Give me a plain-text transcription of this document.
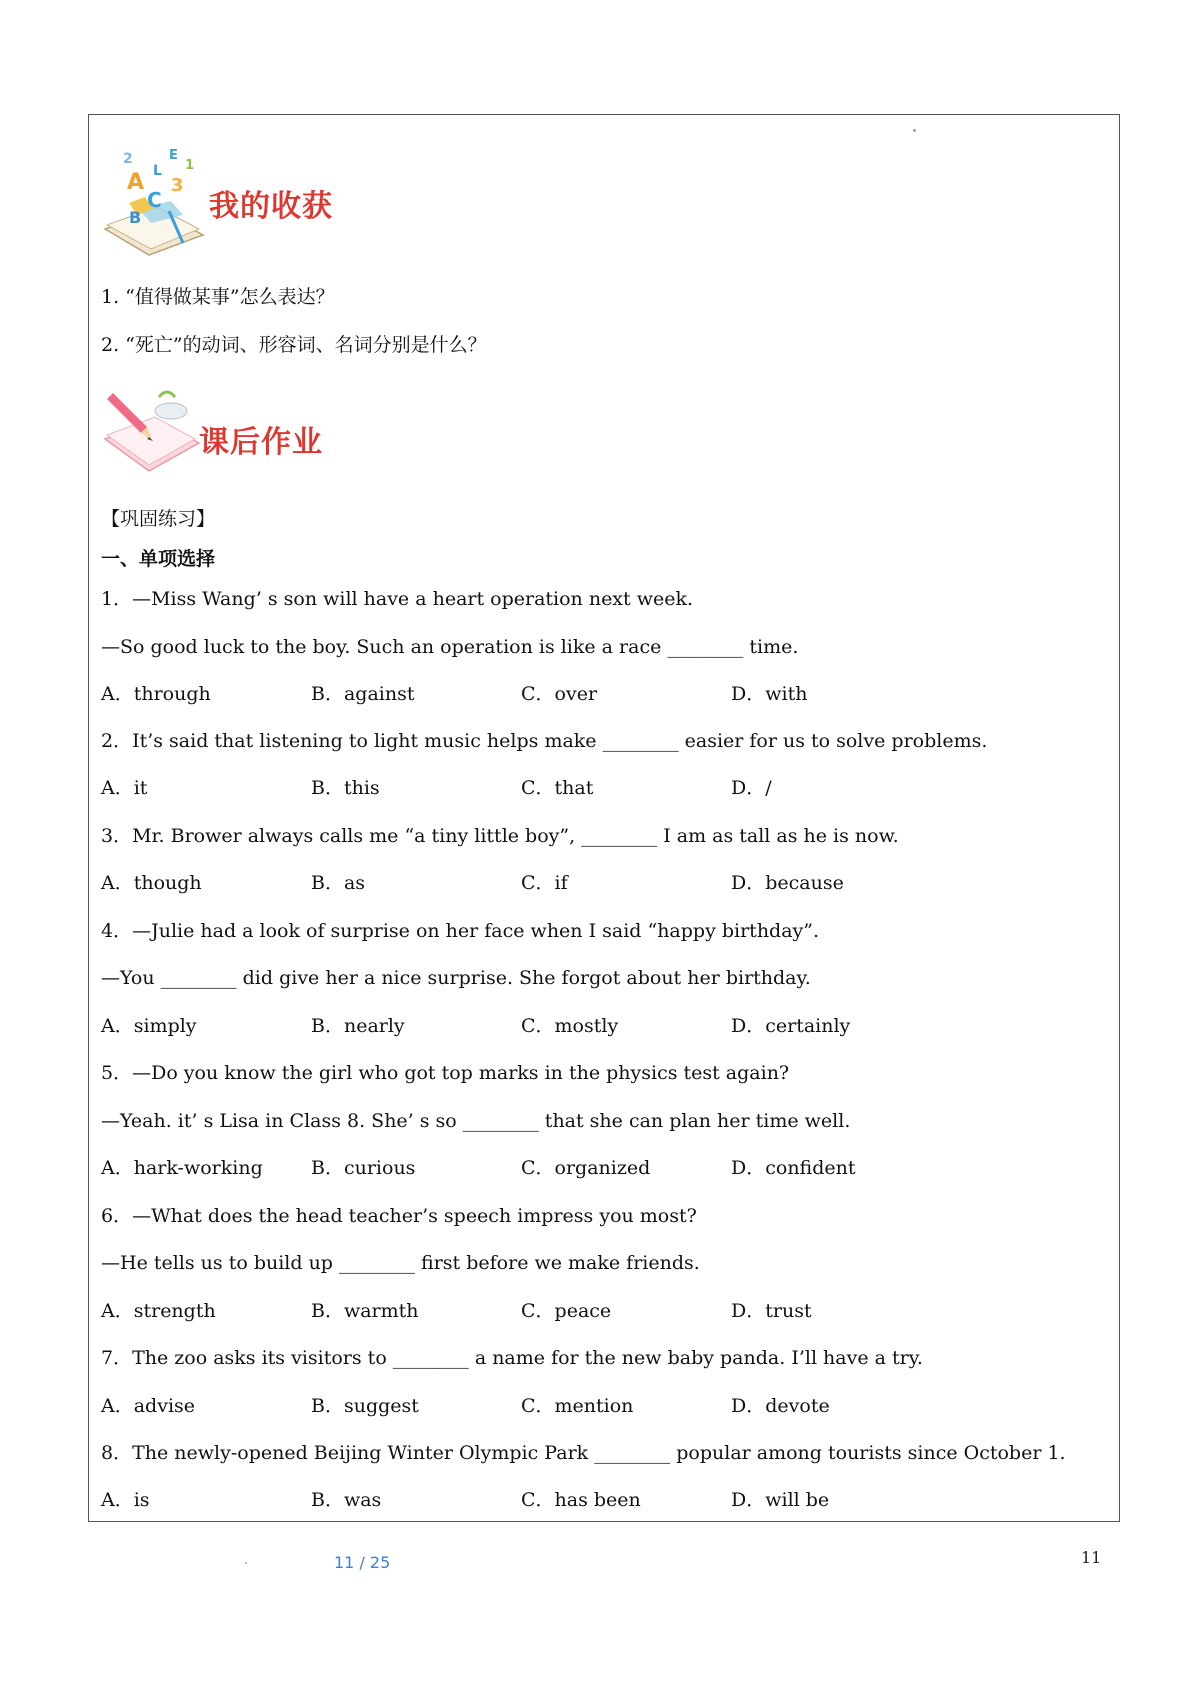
A
C
3
2
L
E
1
B 我的收获
1. “值得做某事”怎么表达？
2. “死亡”的动词、形容词、名词分别是什么？
课后作业
【巩固练习】
一、单项选择
1．—Miss Wang’ s son will have a heart operation next week.
—So good luck to the boy. Such an operation is like a race ________ time.
A．through	B．against	C．over	D．with
2．It’s said that listening to light music helps make ________ easier for us to solve problems.
A．it	B．this	C．that	D．/
3．Mr. Brower always calls me “a tiny little boy”, ________ I am as tall as he is now.
A．though	B．as	C．if	D．because
4．—Julie had a look of surprise on her face when I said “happy birthday”.
—You ________ did give her a nice surprise. She forgot about her birthday.
A．simply	B．nearly	C．mostly	D．certainly
5．—Do you know the girl who got top marks in the physics test again?
—Yeah. it’ s Lisa in Class 8. She’ s so ________ that she can plan her time well.
A．hark-working	B．curious	C．organized	D．confident
6．—What does the head teacher’s speech impress you most?
—He tells us to build up ________ first before we make friends.
A．strength	B．warmth	C．peace	D．trust
7．The zoo asks its visitors to ________ a name for the new baby panda. I’ll have a try.
A．advise	B．suggest	C．mention	D．devote
8．The newly-opened Beijing Winter Olympic Park ________ popular among tourists since October 1.
A．is	B．was	C．has been	D．will be
11 / 25	11
